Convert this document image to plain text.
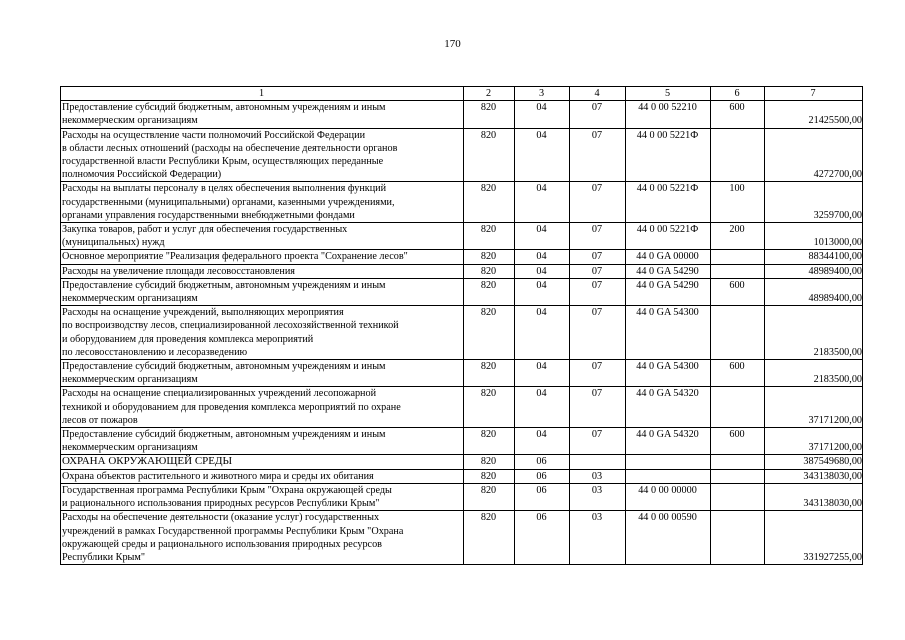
170
1	2	3	4	5	6	7
Предоставление субсидий бюджетным, автономным учреждениям и иным
некоммерческим организациям	820	04	07	44 0 00 52210	600	21425500,00
Расходы на осуществление части полномочий Российской Федерации
в области лесных отношений (расходы на обеспечение деятельности органов
государственной власти Республики Крым, осуществляющих переданные
полномочия Российской Федерации)	820	04	07	44 0 00 5221Ф		4272700,00
Расходы на выплаты персоналу в целях обеспечения выполнения функций
государственными (муниципальными) органами, казенными учреждениями,
органами управления государственными внебюджетными фондами	820	04	07	44 0 00 5221Ф	100	3259700,00
Закупка товаров, работ и услуг для обеспечения государственных
(муниципальных) нужд	820	04	07	44 0 00 5221Ф	200	1013000,00
Основное мероприятие "Реализация федерального проекта "Сохранение лесов"	820	04	07	44 0 GA 00000		88344100,00
Расходы на увеличение площади лесовосстановления	820	04	07	44 0 GA 54290		48989400,00
Предоставление субсидий бюджетным, автономным учреждениям и иным
некоммерческим организациям	820	04	07	44 0 GA 54290	600	48989400,00
Расходы на оснащение учреждений, выполняющих мероприятия
по воспроизводству лесов, специализированной лесохозяйственной техникой
и оборудованием для проведения комплекса мероприятий
по лесовосстановлению и лесоразведению	820	04	07	44 0 GA 54300		2183500,00
Предоставление субсидий бюджетным, автономным учреждениям и иным
некоммерческим организациям	820	04	07	44 0 GA 54300	600	2183500,00
Расходы на оснащение специализированных учреждений лесопожарной
техникой и оборудованием для проведения комплекса мероприятий по охране
лесов от пожаров	820	04	07	44 0 GA 54320		37171200,00
Предоставление субсидий бюджетным, автономным учреждениям и иным
некоммерческим организациям	820	04	07	44 0 GA 54320	600	37171200,00
ОХРАНА ОКРУЖАЮЩЕЙ СРЕДЫ	820	06				387549680,00
Охрана объектов растительного и животного мира и среды их обитания	820	06	03			343138030,00
Государственная программа Республики Крым "Охрана окружающей среды
и рационального использования природных ресурсов Республики Крым"	820	06	03	44 0 00 00000		343138030,00
Расходы на обеспечение деятельности (оказание услуг) государственных
учреждений в рамках Государственной программы Республики Крым "Охрана
окружающей среды и рационального использования природных ресурсов
Республики Крым"	820	06	03	44 0 00 00590		331927255,00
